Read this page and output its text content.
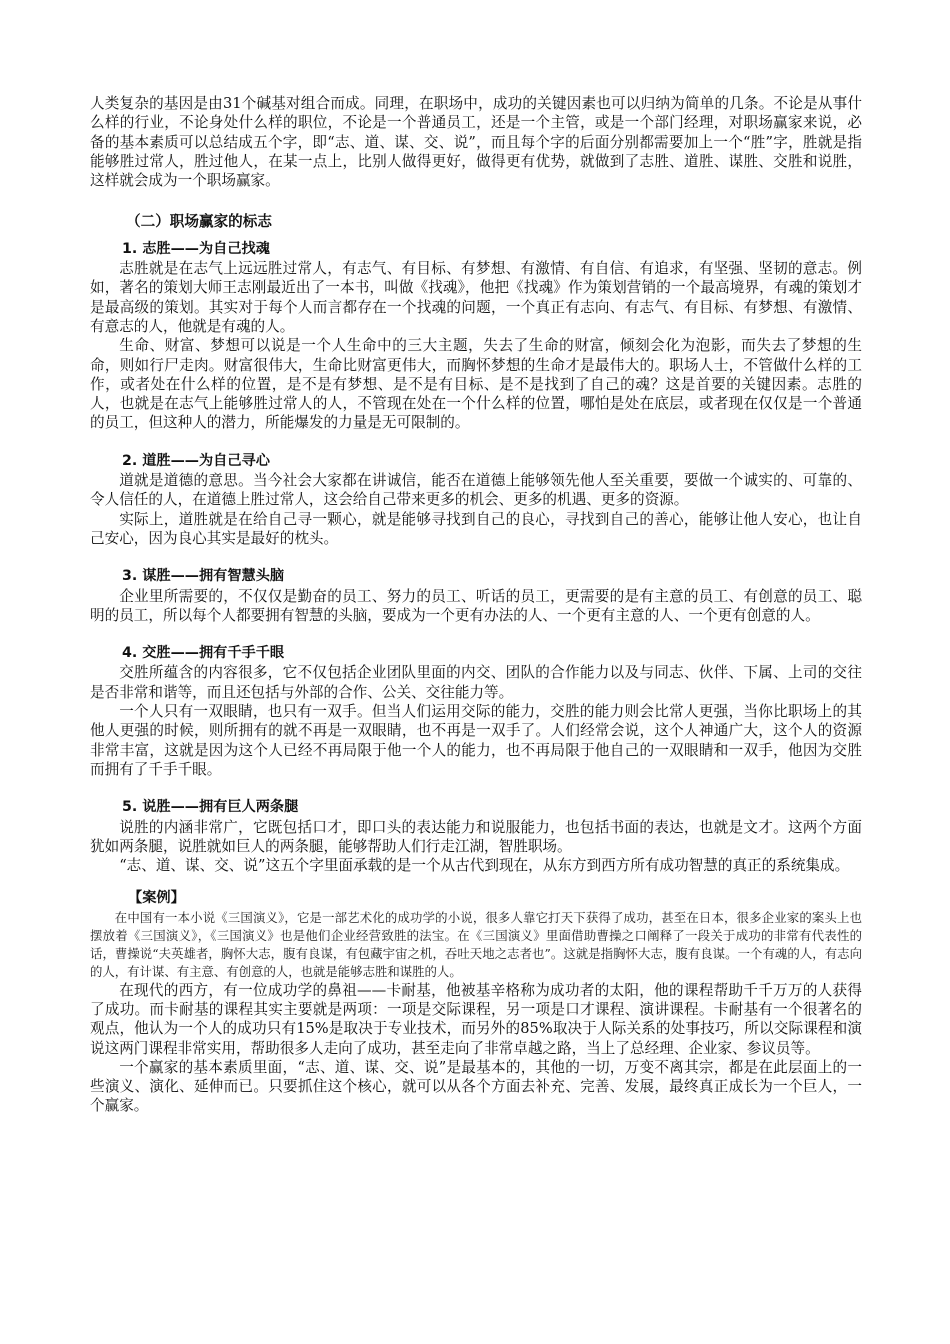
人类复杂的基因是由31个碱基对组合而成。同理，在职场中，成功的关键因素也可以归纳为简单的几条。不论是从事什么样的行业，不论身处什么样的职位，不论是一个普通员工，还是一个主管，或是一个部门经理，对职场赢家来说，必备的基本素质可以总结成五个字，即“志、道、谋、交、说”，而且每个字的后面分别都需要加上一个“胜”字，胜就是指能够胜过常人，胜过他人，在某一点上，比别人做得更好，做得更有优势，就做到了志胜、道胜、谋胜、交胜和说胜，这样就会成为一个职场赢家。

（二）职场赢家的标志

1. 志胜——为自己找魂

志胜就是在志气上远远胜过常人，有志气、有目标、有梦想、有激情、有自信、有追求，有坚强、坚韧的意志。例如，著名的策划大师王志刚最近出了一本书，叫做《找魂》，他把《找魂》作为策划营销的一个最高境界，有魂的策划才是最高级的策划。其实对于每个人而言都存在一个找魂的问题，一个真正有志向、有志气、有目标、有梦想、有激情、有意志的人，他就是有魂的人。

生命、财富、梦想可以说是一个人生命中的三大主题，失去了生命的财富，倾刻会化为泡影，而失去了梦想的生命，则如行尸走肉。财富很伟大，生命比财富更伟大，而胸怀梦想的生命才是最伟大的。职场人士，不管做什么样的工作，或者处在什么样的位置，是不是有梦想、是不是有目标、是不是找到了自己的魂？这是首要的关键因素。志胜的人，也就是在志气上能够胜过常人的人，不管现在处在一个什么样的位置，哪怕是处在底层，或者现在仅仅是一个普通的员工，但这种人的潜力，所能爆发的力量是无可限制的。

2. 道胜——为自己寻心

道就是道德的意思。当今社会大家都在讲诚信，能否在道德上能够领先他人至关重要，要做一个诚实的、可靠的、令人信任的人，在道德上胜过常人，这会给自己带来更多的机会、更多的机遇、更多的资源。

实际上，道胜就是在给自己寻一颗心，就是能够寻找到自己的良心，寻找到自己的善心，能够让他人安心，也让自己安心，因为良心其实是最好的枕头。

3. 谋胜——拥有智慧头脑

企业里所需要的，不仅仅是勤奋的员工、努力的员工、听话的员工，更需要的是有主意的员工、有创意的员工、聪明的员工，所以每个人都要拥有智慧的头脑，要成为一个更有办法的人、一个更有主意的人、一个更有创意的人。

4. 交胜——拥有千手千眼

交胜所蕴含的内容很多，它不仅包括企业团队里面的内交、团队的合作能力以及与同志、伙伴、下属、上司的交往是否非常和谐等，而且还包括与外部的合作、公关、交往能力等。

一个人只有一双眼睛，也只有一双手。但当人们运用交际的能力，交胜的能力则会比常人更强，当你比职场上的其他人更强的时候，则所拥有的就不再是一双眼睛，也不再是一双手了。人们经常会说，这个人神通广大，这个人的资源非常丰富，这就是因为这个人已经不再局限于他一个人的能力，也不再局限于他自己的一双眼睛和一双手，他因为交胜而拥有了千手千眼。

5. 说胜——拥有巨人两条腿

说胜的内涵非常广，它既包括口才，即口头的表达能力和说服能力，也包括书面的表达，也就是文才。这两个方面犹如两条腿，说胜就如巨人的两条腿，能够帮助人们行走江湖，智胜职场。

“志、道、谋、交、说”这五个字里面承载的是一个从古代到现在，从东方到西方所有成功智慧的真正的系统集成。

【案例】

在中国有一本小说《三国演义》，它是一部艺术化的成功学的小说，很多人靠它打天下获得了成功，甚至在日本，很多企业家的案头上也摆放着《三国演义》，《三国演义》也是他们企业经营致胜的法宝。在《三国演义》里面借助曹操之口阐释了一段关于成功的非常有代表性的话，曹操说“夫英雄者，胸怀大志，腹有良谋，有包藏宇宙之机，吞吐天地之志者也”。这就是指胸怀大志，腹有良谋。一个有魂的人，有志向的人，有计谋、有主意、有创意的人，也就是能够志胜和谋胜的人。

在现代的西方，有一位成功学的鼻祖——卡耐基，他被基辛格称为成功者的太阳，他的课程帮助千千万万的人获得了成功。而卡耐基的课程其实主要就是两项：一项是交际课程，另一项是口才课程、演讲课程。卡耐基有一个很著名的观点，他认为一个人的成功只有15%是取决于专业技术，而另外的85%取决于人际关系的处事技巧，所以交际课程和演说这两门课程非常实用，帮助很多人走向了成功，甚至走向了非常卓越之路，当上了总经理、企业家、参议员等。

一个赢家的基本素质里面，“志、道、谋、交、说”是最基本的，其他的一切，万变不离其宗，都是在此层面上的一些演义、演化、延伸而已。只要抓住这个核心，就可以从各个方面去补充、完善、发展，最终真正成长为一个巨人，一个赢家。
